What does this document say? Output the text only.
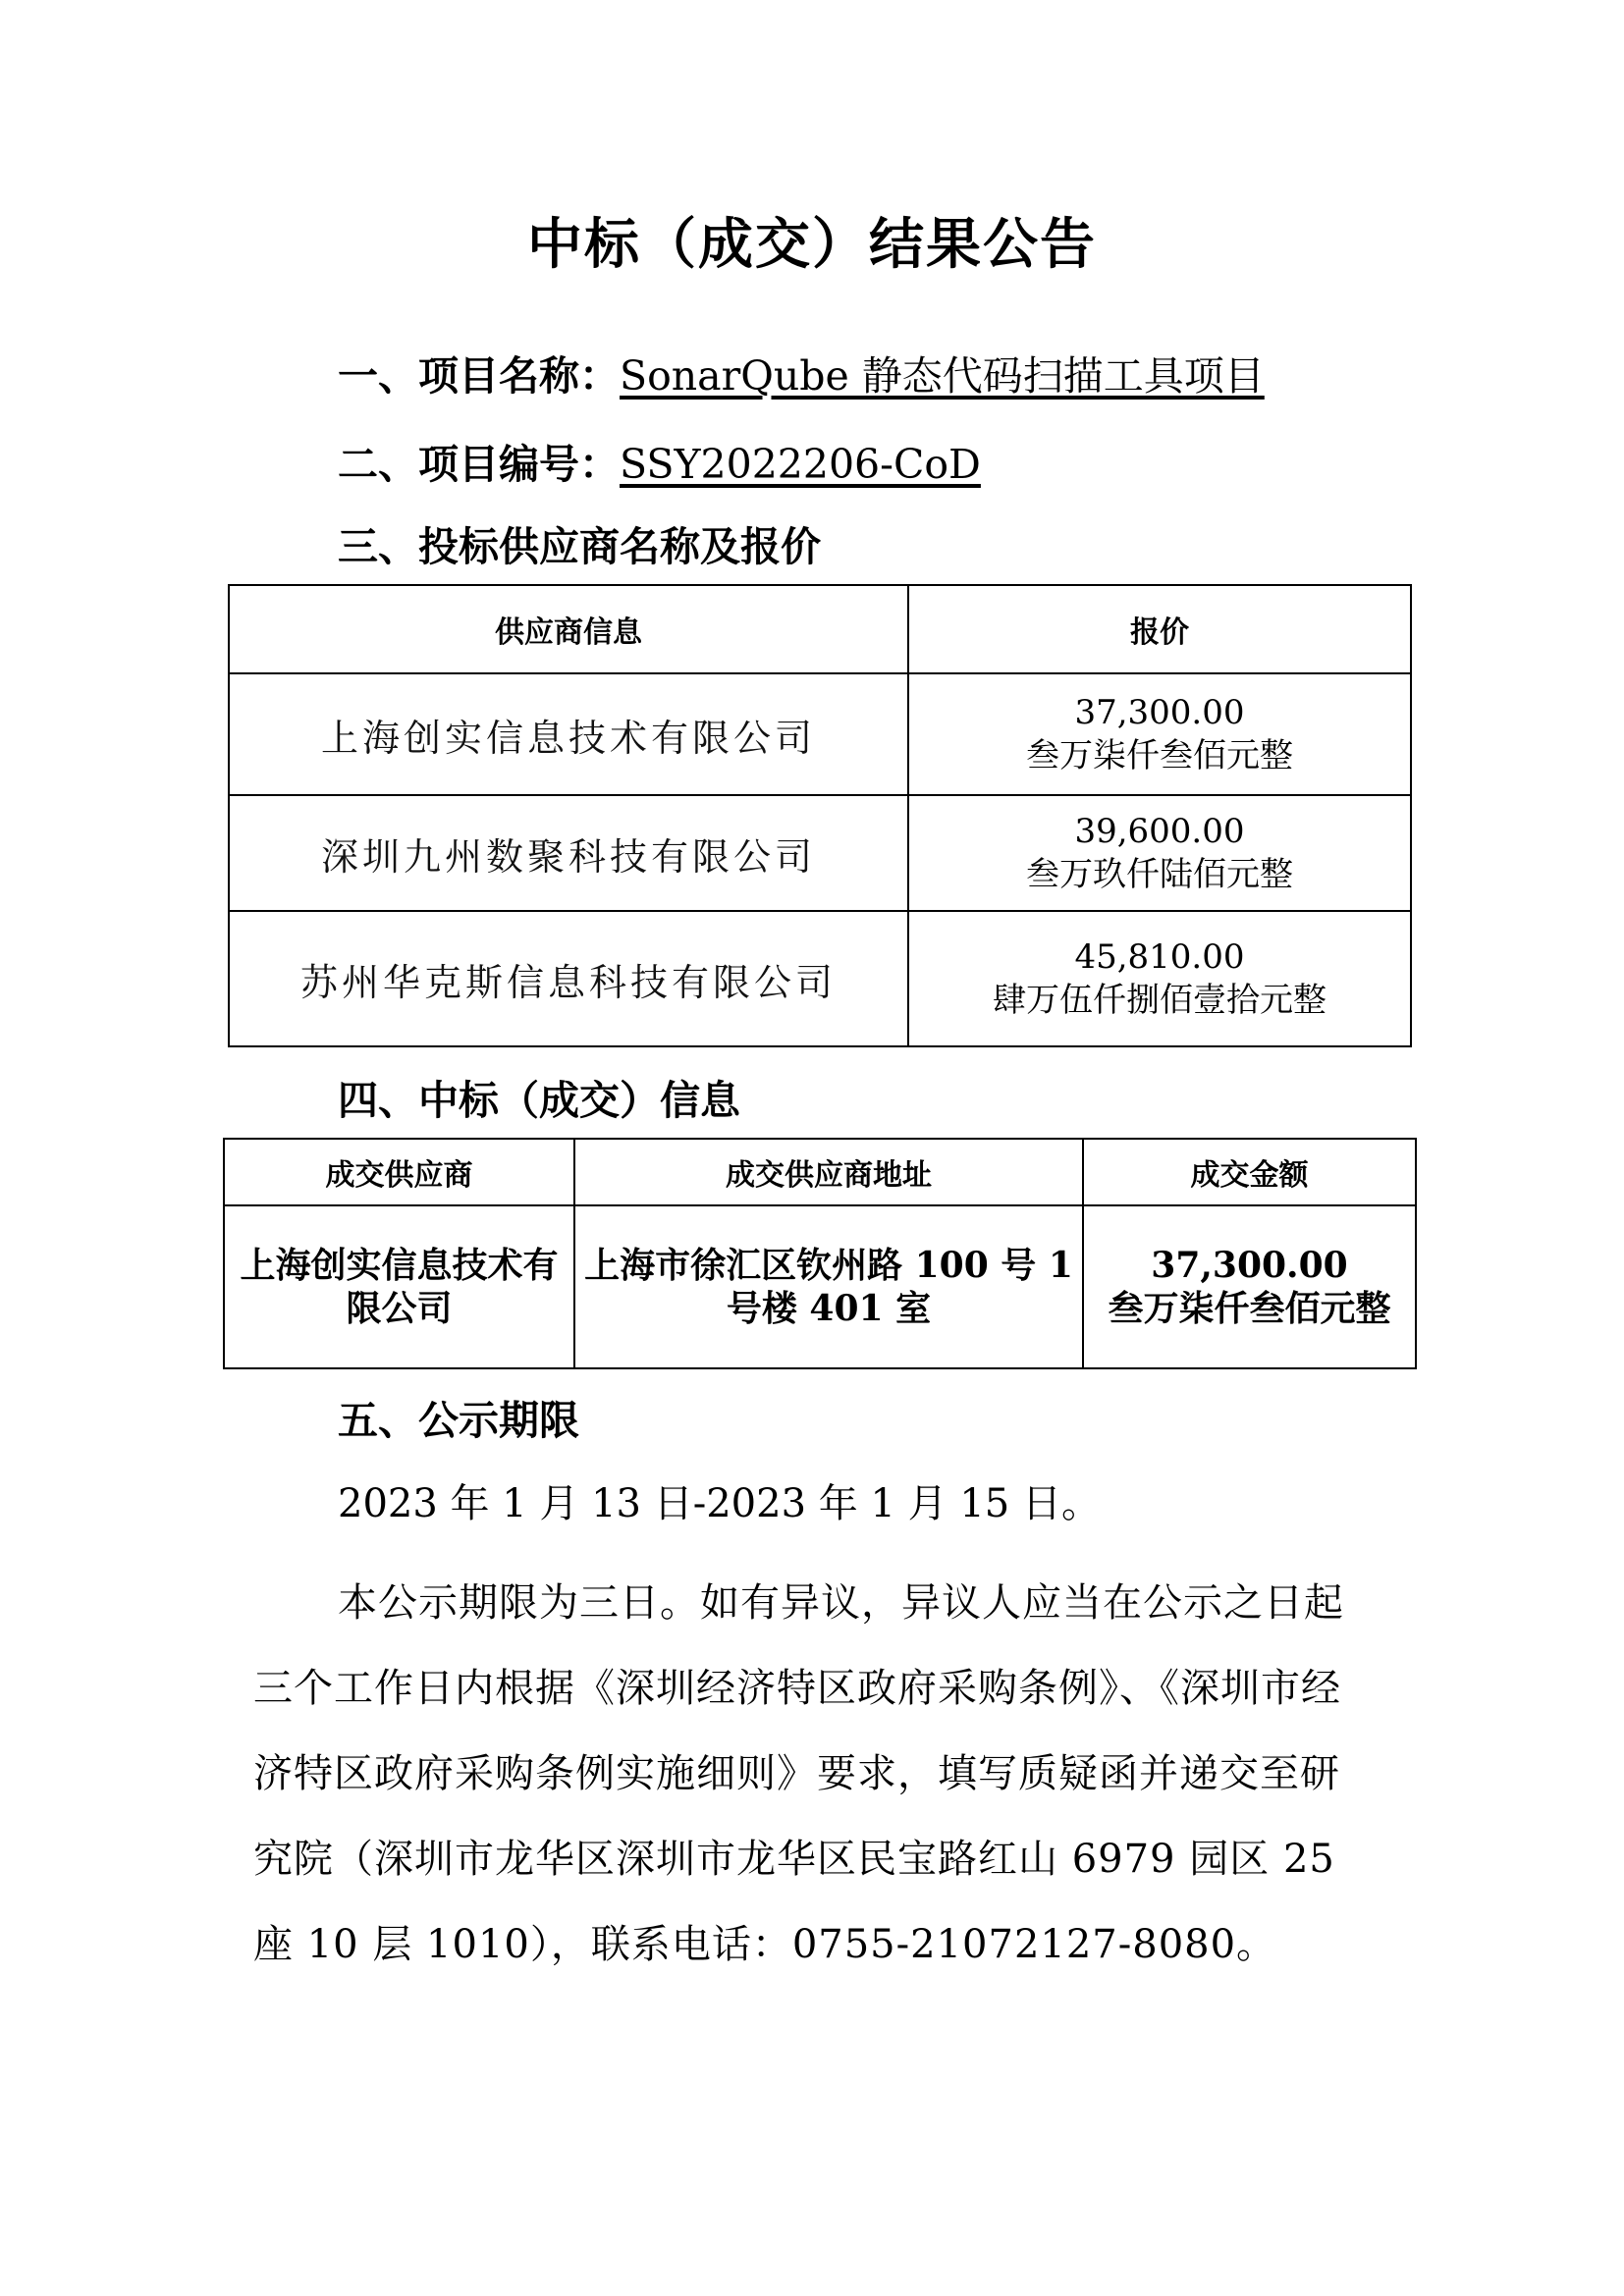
中标（成交）结果公告
一、项目名称：SonarQube 静态代码扫描工具项目
二、项目编号：SSY2022206-CoD
三、投标供应商名称及报价
供应商信息	报价
上海创实信息技术有限公司	37,300.00
叁万柒仟叁佰元整

深圳九州数聚科技有限公司	39,600.00
叁万玖仟陆佰元整

苏州华克斯信息科技有限公司	45,810.00
肆万伍仟捌佰壹拾元整
四、中标（成交）信息
成交供应商	成交供应商地址	成交金额
上海创实信息技术有限公司	上海市徐汇区钦州路 100 号 1 号楼 401 室	37,300.00
叁万柒仟叁佰元整
五、公示期限
2023 年 1 月 13 日-2023 年 1 月 15 日。
本公示期限为三日。如有异议，异议人应当在公示之日起三个工作日内根据《深圳经济特区政府采购条例》、《深圳市经济特区政府采购条例实施细则》要求，填写质疑函并递交至研究院（深圳市龙华区深圳市龙华区民宝路红山 6979 园区 25 座 10 层 1010），联系电话：0755-21072127-8080。
